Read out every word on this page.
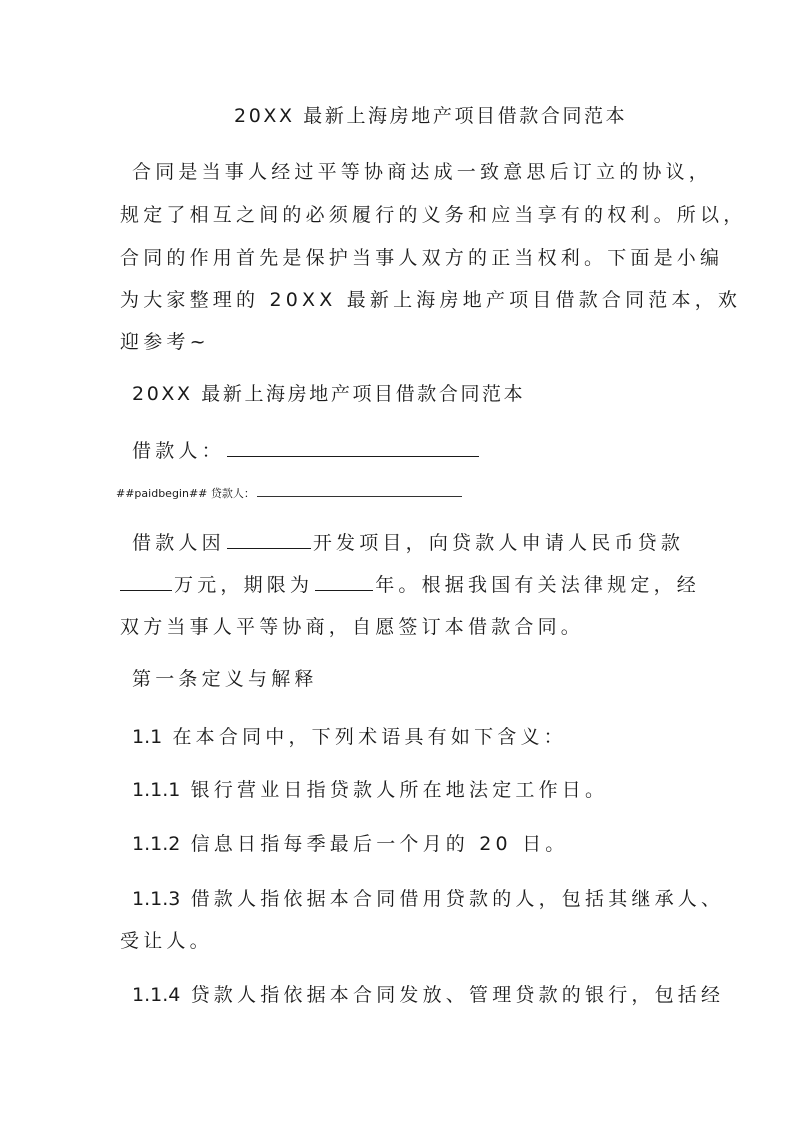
20XX 最新上海房地产项目借款合同范本
合同是当事人经过平等协商达成一致意思后订立的协议，
规定了相互之间的必须履行的义务和应当享有的权利。所以，
合同的作用首先是保护当事人双方的正当权利。下面是小编
为大家整理的 20XX 最新上海房地产项目借款合同范本，欢
迎参考~
20XX 最新上海房地产项目借款合同范本
借款人：
##paidbegin## 贷款人：
借款人因	开发项目，向贷款人申请人民币贷款
万元，期限为	年。根据我国有关法律规定，经
双方当事人平等协商，自愿签订本借款合同。
第一条定义与解释
1.1 在本合同中，下列术语具有如下含义：
1.1.1 银行营业日指贷款人所在地法定工作日。
1.1.2 信息日指每季最后一个月的 20 日。
1.1.3 借款人指依据本合同借用贷款的人，包括其继承人、
受让人。
1.1.4 贷款人指依据本合同发放、管理贷款的银行，包括经
